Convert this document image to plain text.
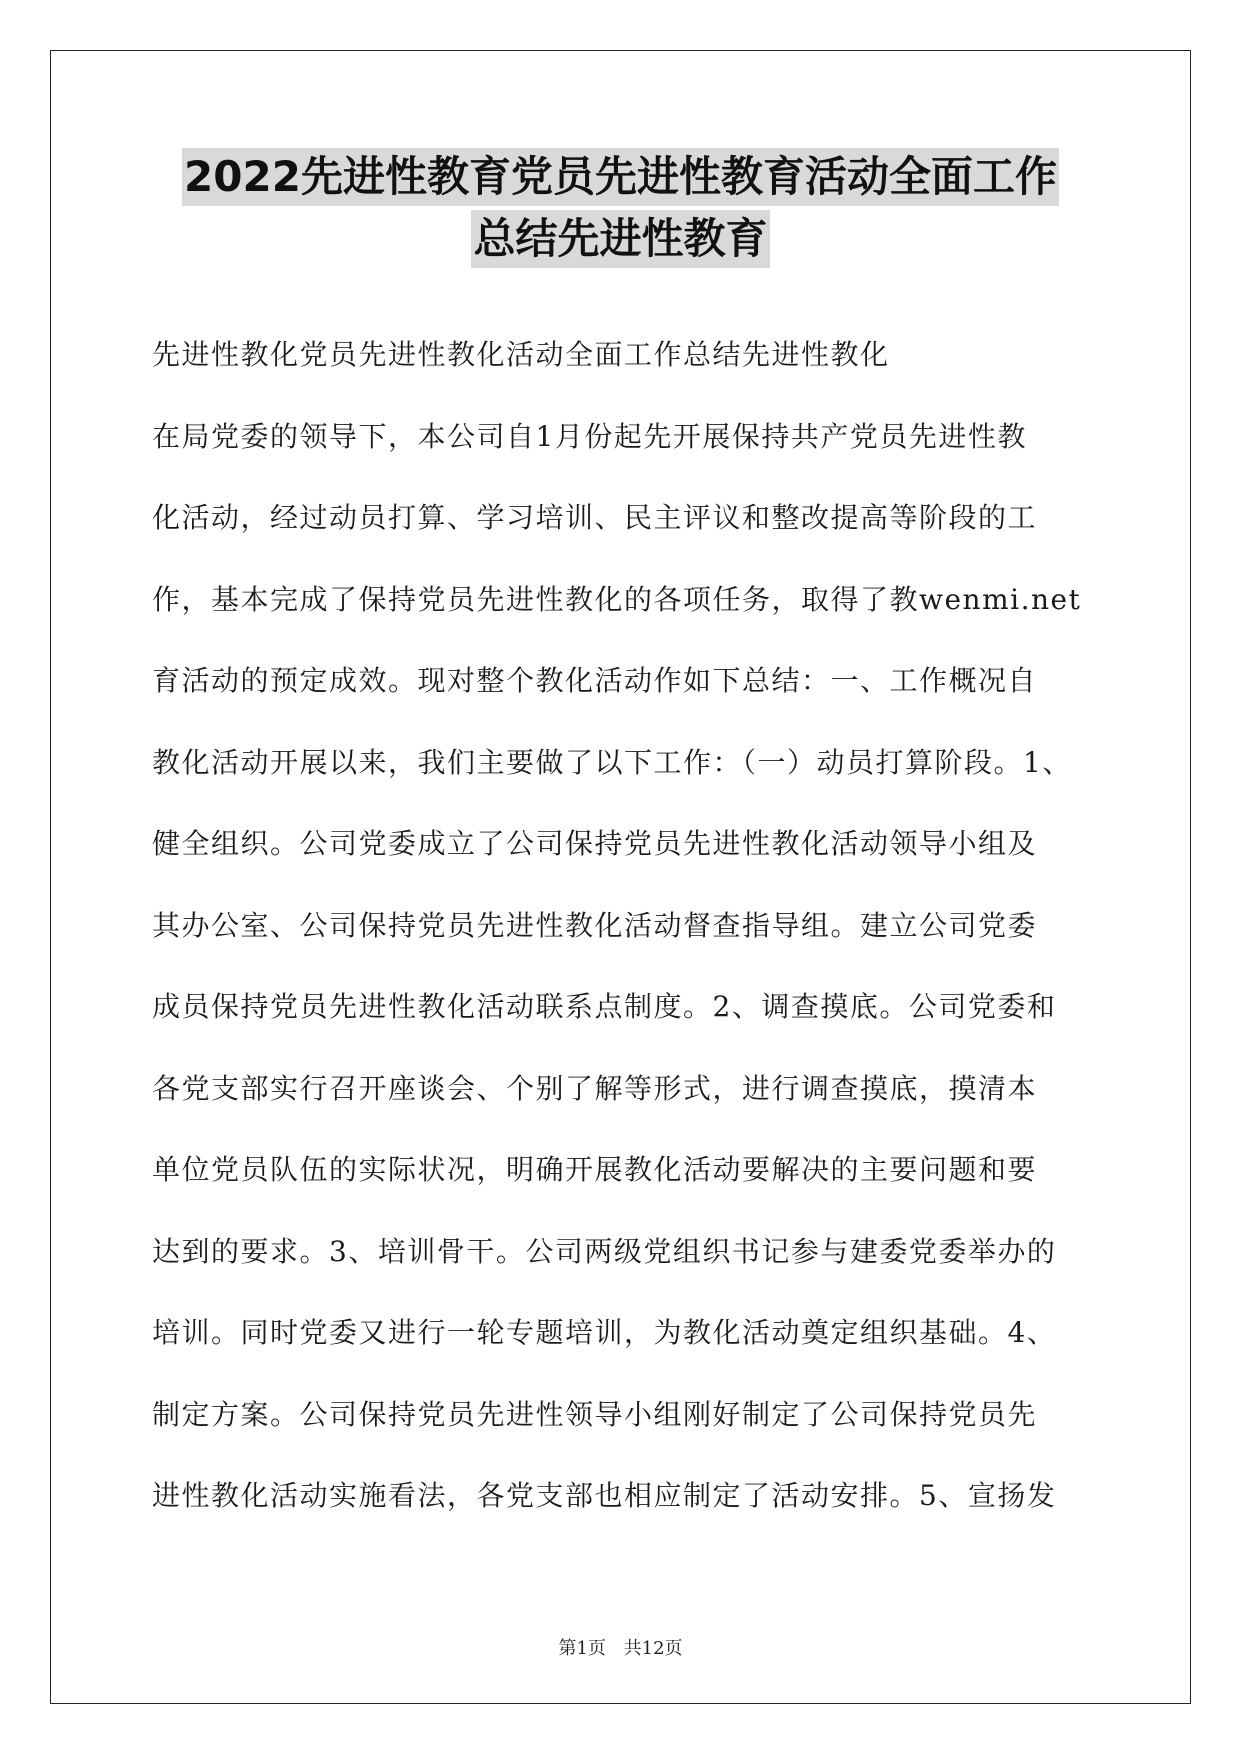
2022先进性教育党员先进性教育活动全面工作
总结先进性教育
先进性教化党员先进性教化活动全面工作总结先进性教化
在局党委的领导下，本公司自1月份起先开展保持共产党员先进性教
化活动，经过动员打算、学习培训、民主评议和整改提高等阶段的工
作，基本完成了保持党员先进性教化的各项任务，取得了教wenmi.net
育活动的预定成效。现对整个教化活动作如下总结：一、工作概况自
教化活动开展以来，我们主要做了以下工作：（一）动员打算阶段。1、
健全组织。公司党委成立了公司保持党员先进性教化活动领导小组及
其办公室、公司保持党员先进性教化活动督查指导组。建立公司党委
成员保持党员先进性教化活动联系点制度。2、调查摸底。公司党委和
各党支部实行召开座谈会、个别了解等形式，进行调查摸底，摸清本
单位党员队伍的实际状况，明确开展教化活动要解决的主要问题和要
达到的要求。3、培训骨干。公司两级党组织书记参与建委党委举办的
培训。同时党委又进行一轮专题培训，为教化活动奠定组织基础。4、
制定方案。公司保持党员先进性领导小组刚好制定了公司保持党员先
进性教化活动实施看法，各党支部也相应制定了活动安排。5、宣扬发
第1页 共12页
